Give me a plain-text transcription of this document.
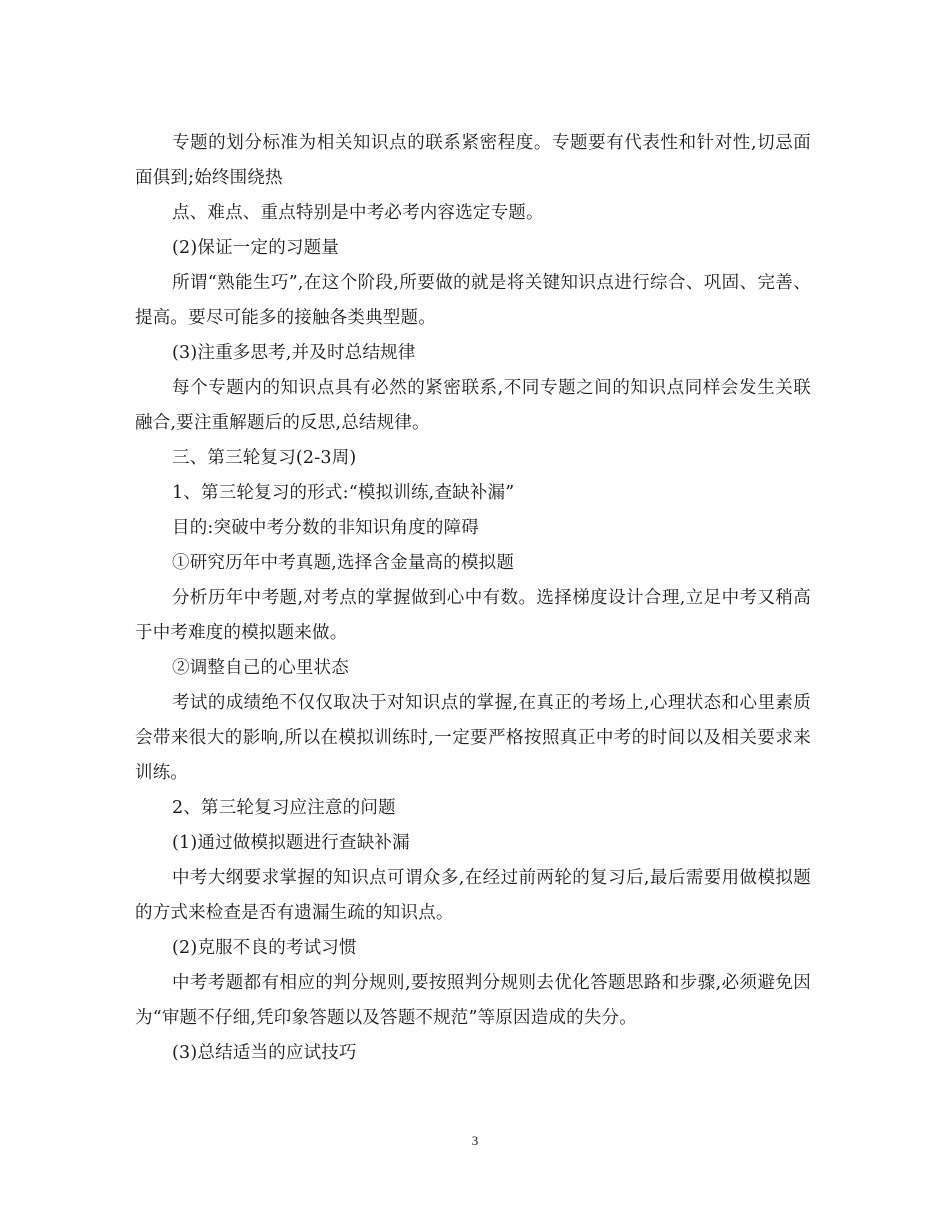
专题的划分标准为相关知识点的联系紧密程度。专题要有代表性和针对性,切忌面面俱到;始终围绕热

点、难点、重点特别是中考必考内容选定专题。

(2)保证一定的习题量

所谓“熟能生巧”,在这个阶段,所要做的就是将关键知识点进行综合、巩固、完善、提高。要尽可能多的接触各类典型题。

(3)注重多思考,并及时总结规律

每个专题内的知识点具有必然的紧密联系,不同专题之间的知识点同样会发生关联融合,要注重解题后的反思,总结规律。

三、第三轮复习(2-3周)

1、第三轮复习的形式:“模拟训练,查缺补漏”

目的:突破中考分数的非知识角度的障碍

①研究历年中考真题,选择含金量高的模拟题

分析历年中考题,对考点的掌握做到心中有数。选择梯度设计合理,立足中考又稍高于中考难度的模拟题来做。

②调整自己的心里状态

考试的成绩绝不仅仅取决于对知识点的掌握,在真正的考场上,心理状态和心里素质会带来很大的影响,所以在模拟训练时,一定要严格按照真正中考的时间以及相关要求来训练。

2、第三轮复习应注意的问题

(1)通过做模拟题进行查缺补漏

中考大纲要求掌握的知识点可谓众多,在经过前两轮的复习后,最后需要用做模拟题的方式来检查是否有遗漏生疏的知识点。

(2)克服不良的考试习惯

中考考题都有相应的判分规则,要按照判分规则去优化答题思路和步骤,必须避免因为“审题不仔细,凭印象答题以及答题不规范”等原因造成的失分。

(3)总结适当的应试技巧

3
